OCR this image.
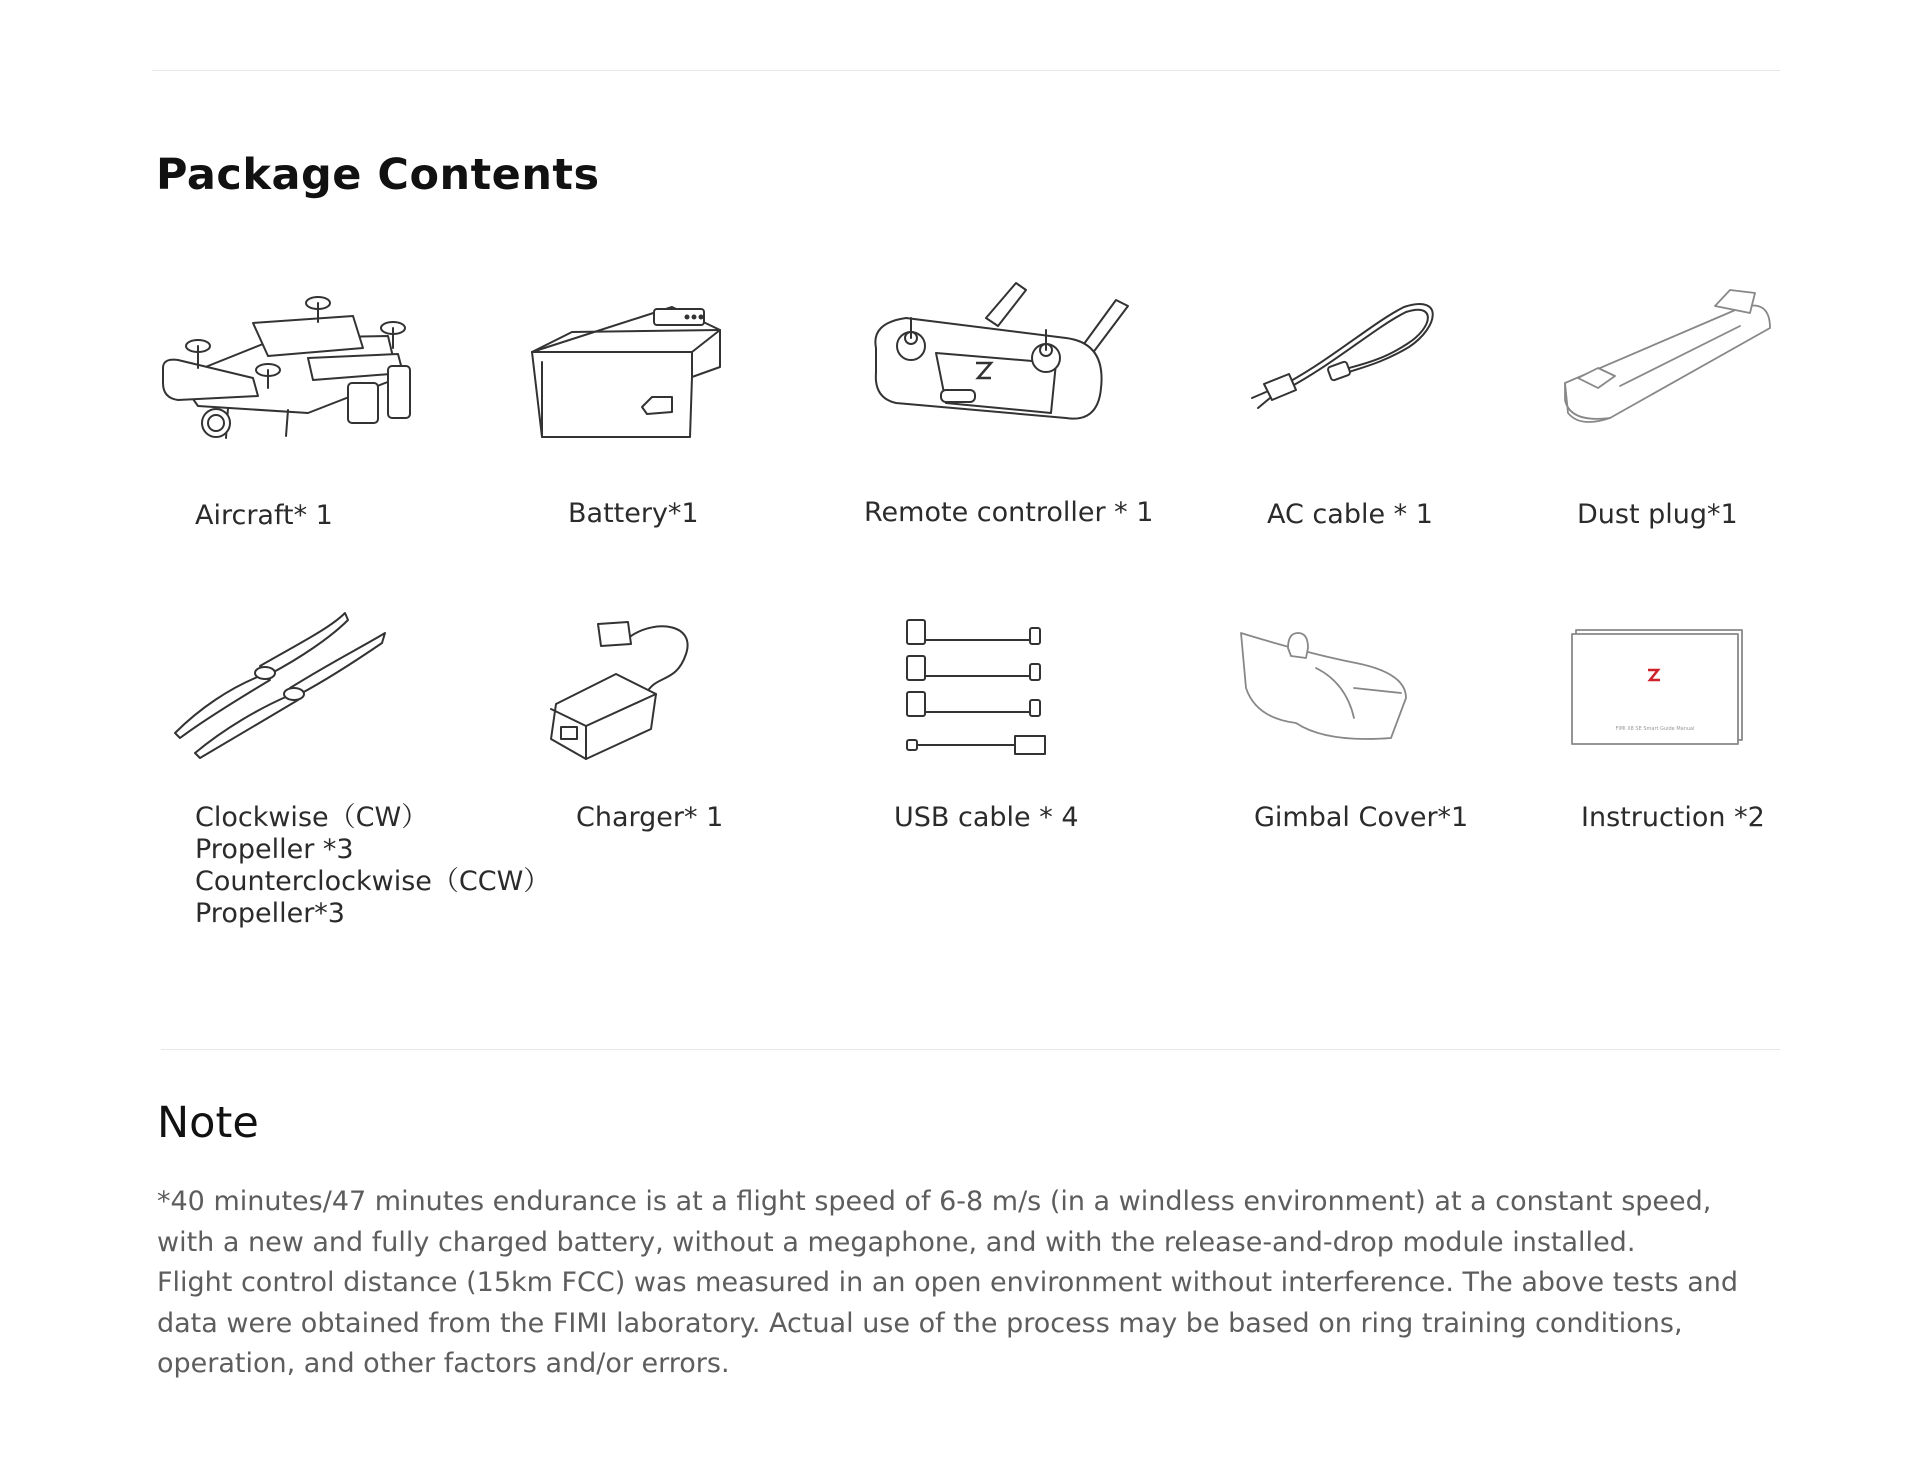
Package Contents
Aircraft* 1	Battery*1	Remote controller * 1	AC cable * 1	Dust plug*1
Clockwise（CW）
Propeller *3
Counterclockwise（CCW）
Propeller*3
Charger* 1	USB cable * 4	Gimbal Cover*1
FIMI X8 SE Smart Guide Manual
Instruction *2
Note

*40 minutes/47 minutes endurance is at a flight speed of 6-8 m/s (in a windless environment) at a constant speed, with a new and fully charged battery, without a megaphone, and with the release-and-drop module installed.

Flight control distance (15km FCC) was measured in an open environment without interference. The above tests and data were obtained from the FIMI laboratory. Actual use of the process may be based on ring training conditions, operation, and other factors and/or errors.
